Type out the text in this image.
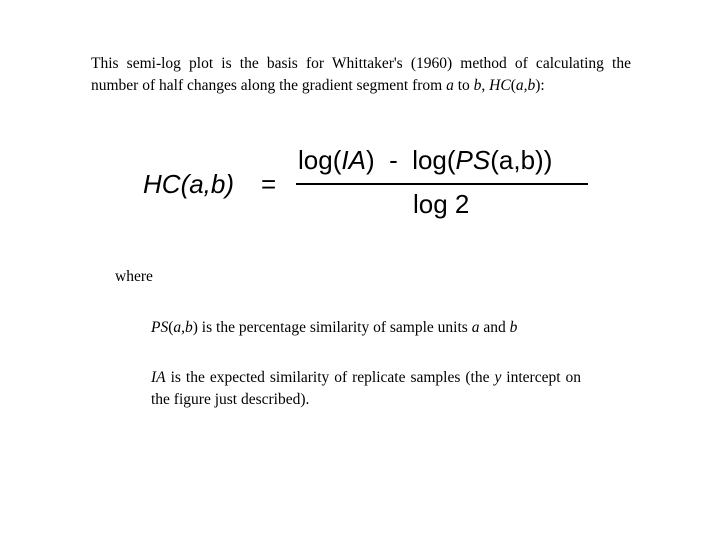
This semi-log plot is the basis for Whittaker's (1960) method of calculating the number of half changes along the gradient segment from a to b, HC(a,b):
HC(a,b) =
log(IA) - log(PS(a,b))
log 2
where
PS(a,b) is the percentage similarity of sample units a and b
IA is the expected similarity of replicate samples (the y intercept on the figure just described).
